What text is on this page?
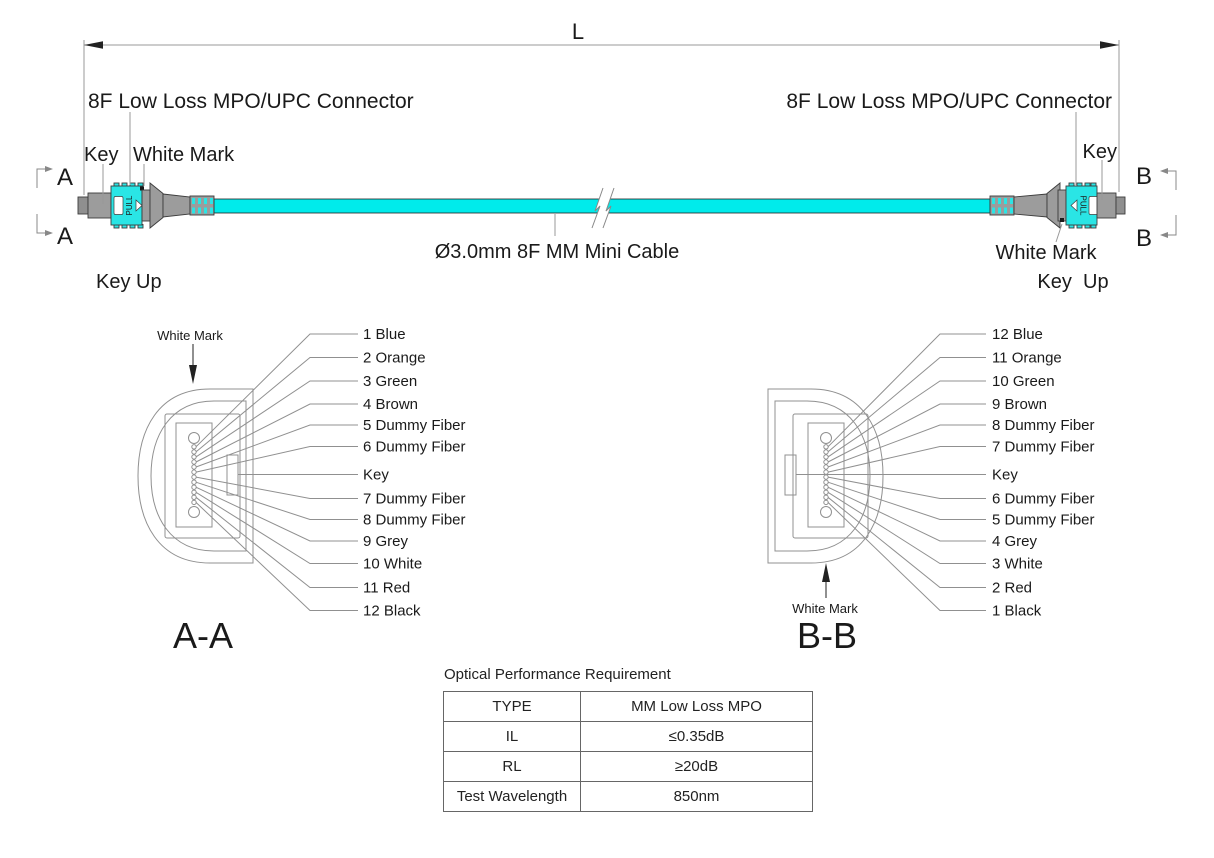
L
PULL	PULL
8F Low Loss MPO/UPC Connector	8F Low Loss MPO/UPC Connector
Key White Mark	Key
White Mark
Key Up	Key  Up
Ø3.0mm 8F MM Mini Cable
A
A
B
B
White Mark	1 Blue
2 Orange
3 Green
4 Brown
5 Dummy Fiber
6 Dummy Fiber
Key
7 Dummy Fiber
8 Dummy Fiber
9 Grey
10 White
11 Red
12 Black
A-A
White Mark
12 Blue
11 Orange
10 Green
9 Brown
8 Dummy Fiber
7 Dummy Fiber
Key
6 Dummy Fiber
5 Dummy Fiber
4 Grey
3 White
2 Red
1 Black
B-B
Optical Performance Requirement
TYPE	MM Low Loss MPO
IL	≤0.35dB
RL	≥20dB
Test Wavelength	850nm
